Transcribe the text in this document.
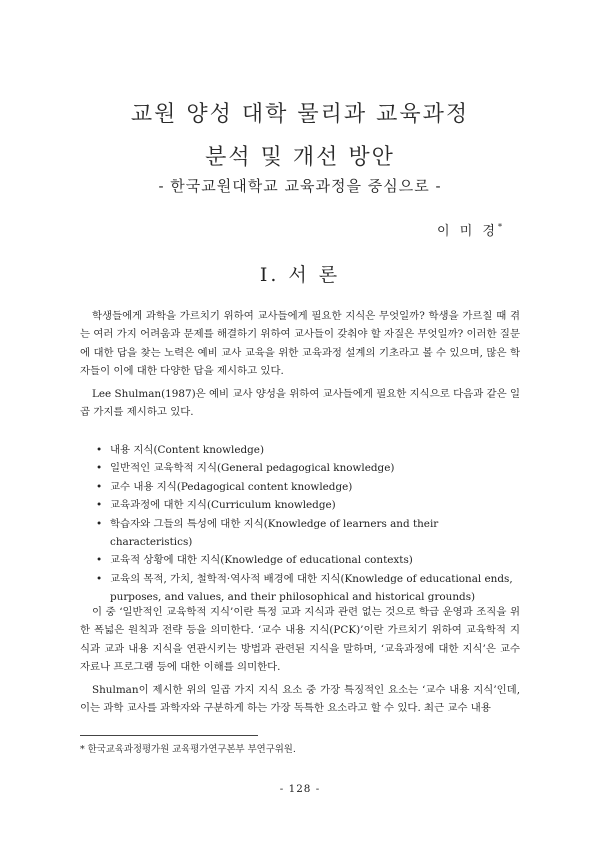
교원 양성 대학 물리과 교육과정
분석 및 개선 방안
- 한국교원대학교 교육과정을 중심으로 -
이 미 경*
Ⅰ. 서 론

학생들에게 과학을 가르치기 위하여 교사들에게 필요한 지식은 무엇일까? 학생을 가르칠 때 겪는 여러 가지 어려움과 문제를 해결하기 위하여 교사들이 갖춰야 할 자질은 무엇일까? 이러한 질문에 대한 답을 찾는 노력은 예비 교사 교육을 위한 교육과정 설계의 기초라고 볼 수 있으며, 많은 학자들이 이에 대한 다양한 답을 제시하고 있다.

Lee Shulman(1987)은 예비 교사 양성을 위하여 교사들에게 필요한 지식으로 다음과 같은 일곱 가지를 제시하고 있다.

• 내용 지식(Content knowledge)
• 일반적인 교육학적 지식(General pedagogical knowledge)
• 교수 내용 지식(Pedagogical content knowledge)
• 교육과정에 대한 지식(Curriculum knowledge)
• 학습자와 그들의 특성에 대한 지식(Knowledge of learners and their characteristics)
• 교육적 상황에 대한 지식(Knowledge of educational contexts)
• 교육의 목적, 가치, 철학적·역사적 배경에 대한 지식(Knowledge of educational ends, purposes, and values, and their philosophical and historical grounds)

이 중 ‘일반적인 교육학적 지식’이란 특정 교과 지식과 관련 없는 것으로 학급 운영과 조직을 위한 폭넓은 원칙과 전략 등을 의미한다. ‘교수 내용 지식(PCK)’이란 가르치기 위하여 교육학적 지식과 교과 내용 지식을 연관시키는 방법과 관련된 지식을 말하며, ‘교육과정에 대한 지식’은 교수 자료나 프로그램 등에 대한 이해를 의미한다.

Shulman이 제시한 위의 일곱 가지 지식 요소 중 가장 특징적인 요소는 ‘교수 내용 지식’인데, 이는 과학 교사를 과학자와 구분하게 하는 가장 독특한 요소라고 할 수 있다. 최근 교수 내용

* 한국교육과정평가원 교육평가연구본부 부연구위원.
- 128 -
